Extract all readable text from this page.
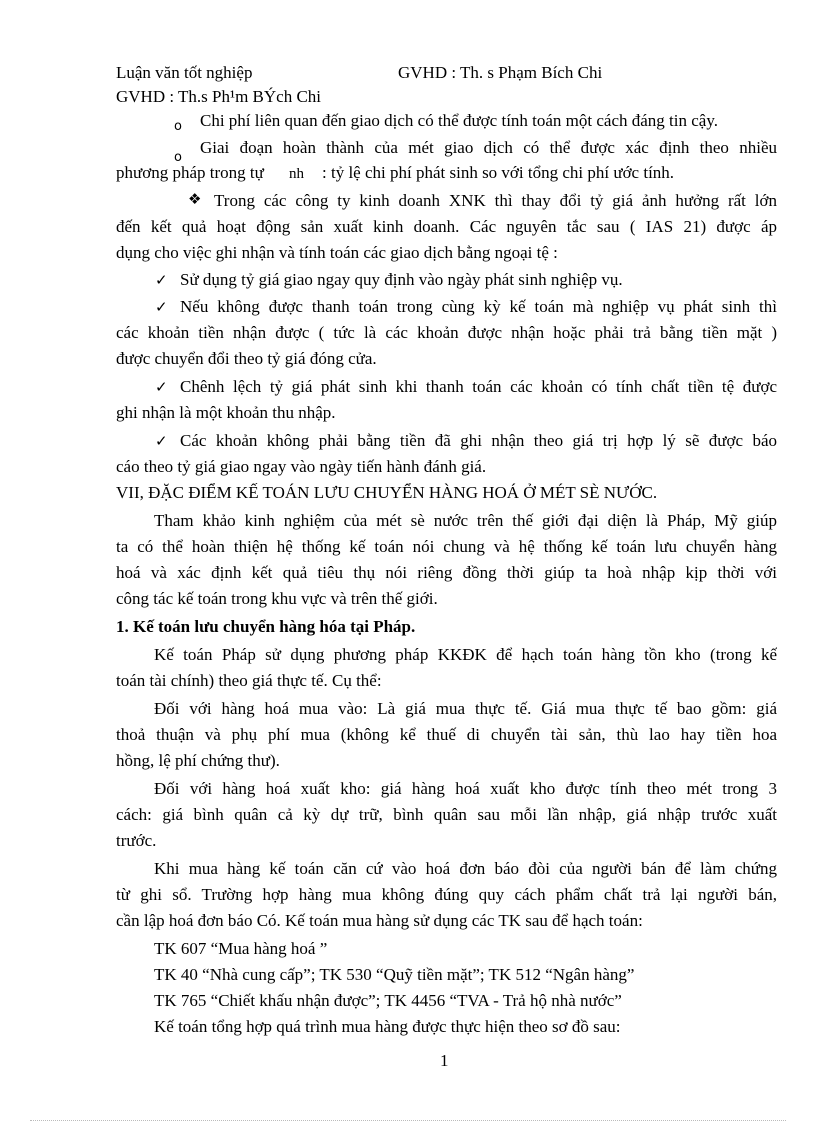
Luận văn tốt nghiệp	GVHD : Th. s Phạm Bích Chi
GVHD : Th.s Ph¹m BÝch Chi
o Chi phí liên quan đến giao dịch có thể được tính toán một cách đáng tin cậy.
o
Giai đoạn hoàn thành của mét giao dịch có thể được xác định theo nhiều
phương pháp trong tự nh : tỷ lệ chi phí phát sinh so với tổng chi phí ước tính.
❖ Trong các công ty kinh doanh XNK thì thay đổi tỷ giá ảnh hưởng rất lớn
đến kết quả hoạt động sản xuất kinh doanh. Các nguyên tắc sau ( IAS 21) được áp
dụng cho việc ghi nhận và tính toán các giao dịch bằng ngoại tệ :
✓ Sử dụng tỷ giá giao ngay quy định vào ngày phát sinh nghiệp vụ.
✓ Nếu không được thanh toán trong cùng kỳ kế toán mà nghiệp vụ phát sinh thì
các khoản tiền nhận được ( tức là các khoản được nhận hoặc phải trả bằng tiền mặt )
được chuyển đổi theo tỷ giá đóng cửa.
✓ Chênh lệch tỷ giá phát sinh khi thanh toán các khoản có tính chất tiền tệ được
ghi nhận là một khoản thu nhập.
✓ Các khoản không phải bằng tiền đã ghi nhận theo giá trị hợp lý sẽ được báo
cáo theo tỷ giá giao ngay vào ngày tiến hành đánh giá.
VII, ĐẶC ĐIỂM KẾ TOÁN LƯU CHUYỂN HÀNG HOÁ Ở MÉT SÈ NƯỚC.
Tham khảo kinh nghiệm của mét sè nước trên thế giới đại diện là Pháp, Mỹ giúp
ta có thể hoàn thiện hệ thống kế toán nói chung và hệ thống kế toán lưu chuyển hàng
hoá và xác định kết quả tiêu thụ nói riêng đồng thời giúp ta hoà nhập kịp thời với
công tác kế toán trong khu vực và trên thế giới.
1. Kế toán lưu chuyển hàng hóa tại Pháp.
Kế toán Pháp sử dụng phương pháp KKĐK để hạch toán hàng tồn kho (trong kế
toán tài chính) theo giá thực tế. Cụ thể:
Đối với hàng hoá mua vào: Là giá mua thực tế. Giá mua thực tế bao gồm: giá
thoả thuận và phụ phí mua (không kể thuế di chuyển tài sản, thù lao hay tiền hoa
hồng, lệ phí chứng thư).
Đối với hàng hoá xuất kho: giá hàng hoá xuất kho được tính theo mét trong 3
cách: giá bình quân cả kỳ dự trữ, bình quân sau mỗi lần nhập, giá nhập trước xuất
trước.
Khi mua hàng kế toán căn cứ vào hoá đơn báo đòi của người bán để làm chứng
từ ghi sổ. Trường hợp hàng mua không đúng quy cách phẩm chất trả lại người bán,
cần lập hoá đơn báo Có. Kế toán mua hàng sử dụng các TK sau để hạch toán:
TK 607 “Mua hàng hoá ”
TK 40 “Nhà cung cấp”; TK 530 “Quỹ tiền mặt”; TK 512 “Ngân hàng”
TK 765 “Chiết khấu nhận được”; TK 4456 “TVA - Trả hộ nhà nước”
Kế toán tổng hợp quá trình mua hàng được thực hiện theo sơ đồ sau:
1
